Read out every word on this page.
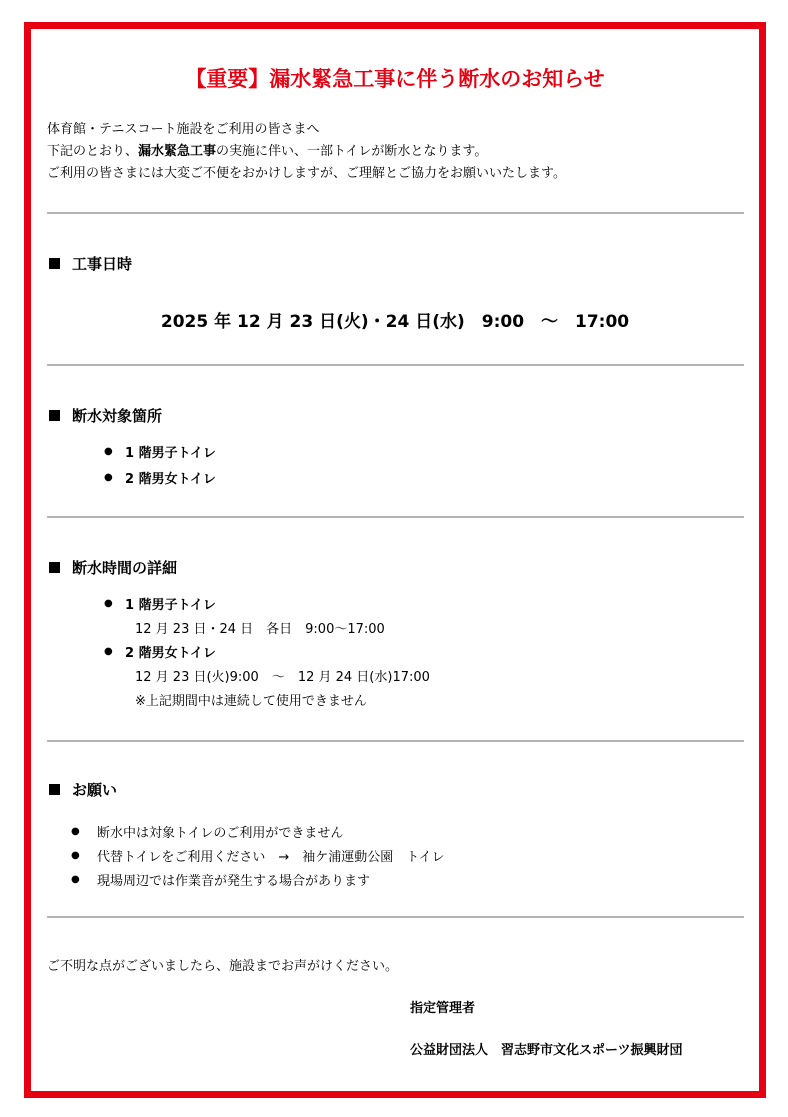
【重要】漏水緊急工事に伴う断水のお知らせ
体育館・テニスコート施設をご利用の皆さまへ
下記のとおり、漏水緊急工事の実施に伴い、一部トイレが断水となります。
ご利用の皆さまには大変ご不便をおかけしますが、ご理解とご協力をお願いいたします。
工事日時
2025 年 12 月 23 日(火)・24 日(水)　9:00　～　17:00
断水対象箇所
● 1 階男子トイレ
● 2 階男女トイレ
断水時間の詳細
● 1 階男子トイレ
12 月 23 日・24 日　各日　9:00～17:00
● 2 階男女トイレ
12 月 23 日(火)9:00　～　12 月 24 日(水)17:00
※上記期間中は連続して使用できません
お願い
● 断水中は対象トイレのご利用ができません
● 代替トイレをご利用ください　→　袖ケ浦運動公園　トイレ
● 現場周辺では作業音が発生する場合があります
ご不明な点がございましたら、施設までお声がけください。
指定管理者
公益財団法人　習志野市文化スポーツ振興財団
